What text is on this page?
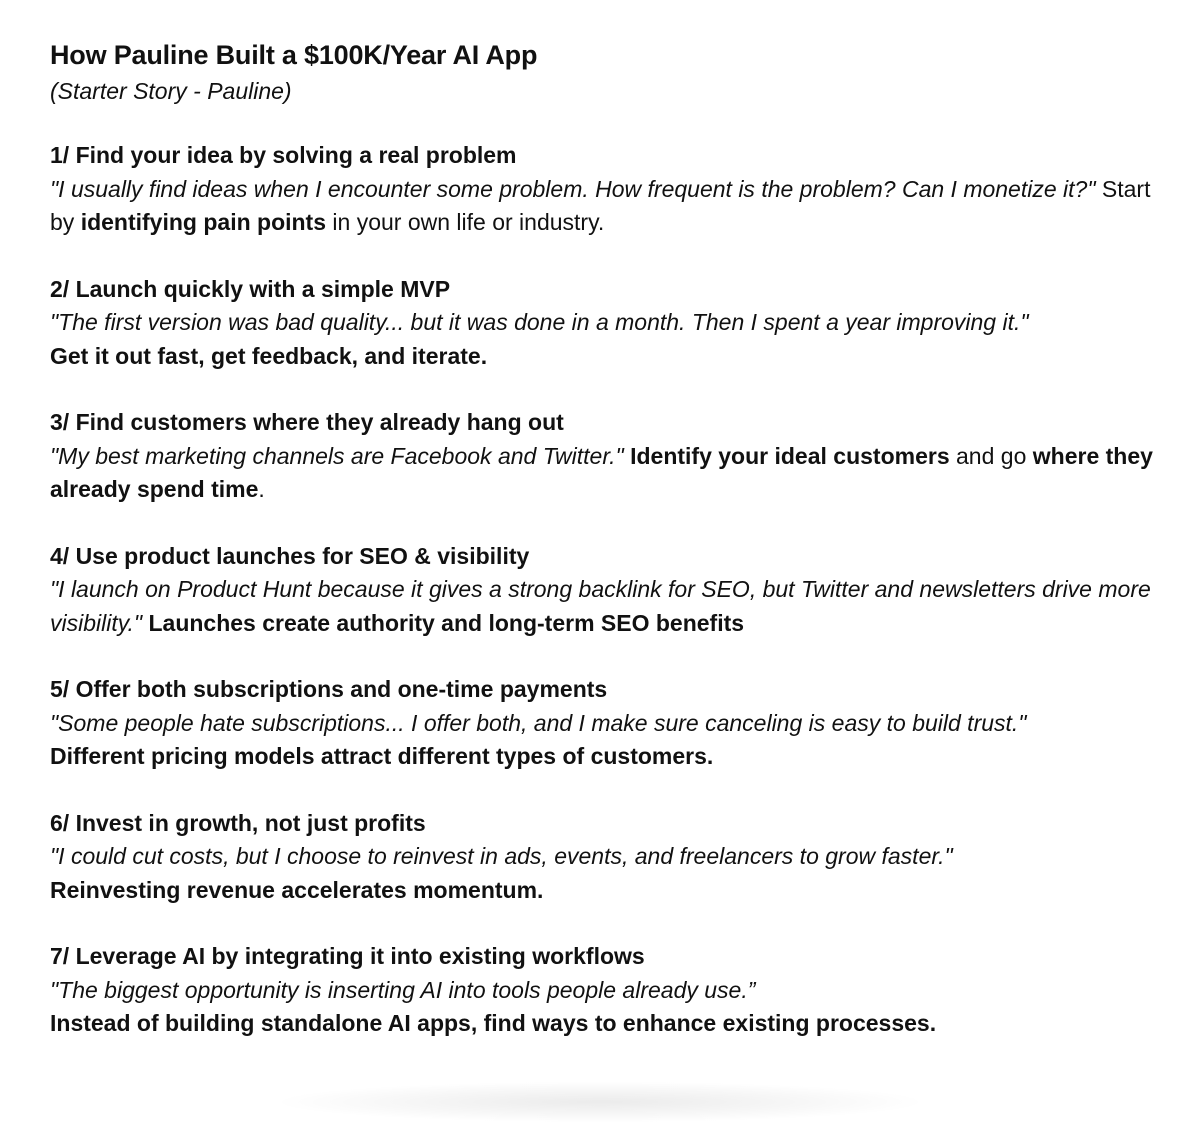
How Pauline Built a $100K/Year AI App

(Starter Story - Pauline)

1/ Find your idea by solving a real problem

"I usually find ideas when I encounter some problem. How frequent is the problem? Can I monetize it?" Start by identifying pain points in your own life or industry.

2/ Launch quickly with a simple MVP

"The first version was bad quality... but it was done in a month. Then I spent a year improving it."

Get it out fast, get feedback, and iterate.

3/ Find customers where they already hang out

"My best marketing channels are Facebook and Twitter." Identify your ideal customers and go where they already spend time.

4/ Use product launches for SEO & visibility

"I launch on Product Hunt because it gives a strong backlink for SEO, but Twitter and newsletters drive more visibility." Launches create authority and long-term SEO benefits

5/ Offer both subscriptions and one-time payments

"Some people hate subscriptions... I offer both, and I make sure canceling is easy to build trust."

Different pricing models attract different types of customers.

6/ Invest in growth, not just profits

"I could cut costs, but I choose to reinvest in ads, events, and freelancers to grow faster."

Reinvesting revenue accelerates momentum.

7/ Leverage AI by integrating it into existing workflows

"The biggest opportunity is inserting AI into tools people already use.”

Instead of building standalone AI apps, find ways to enhance existing processes.
